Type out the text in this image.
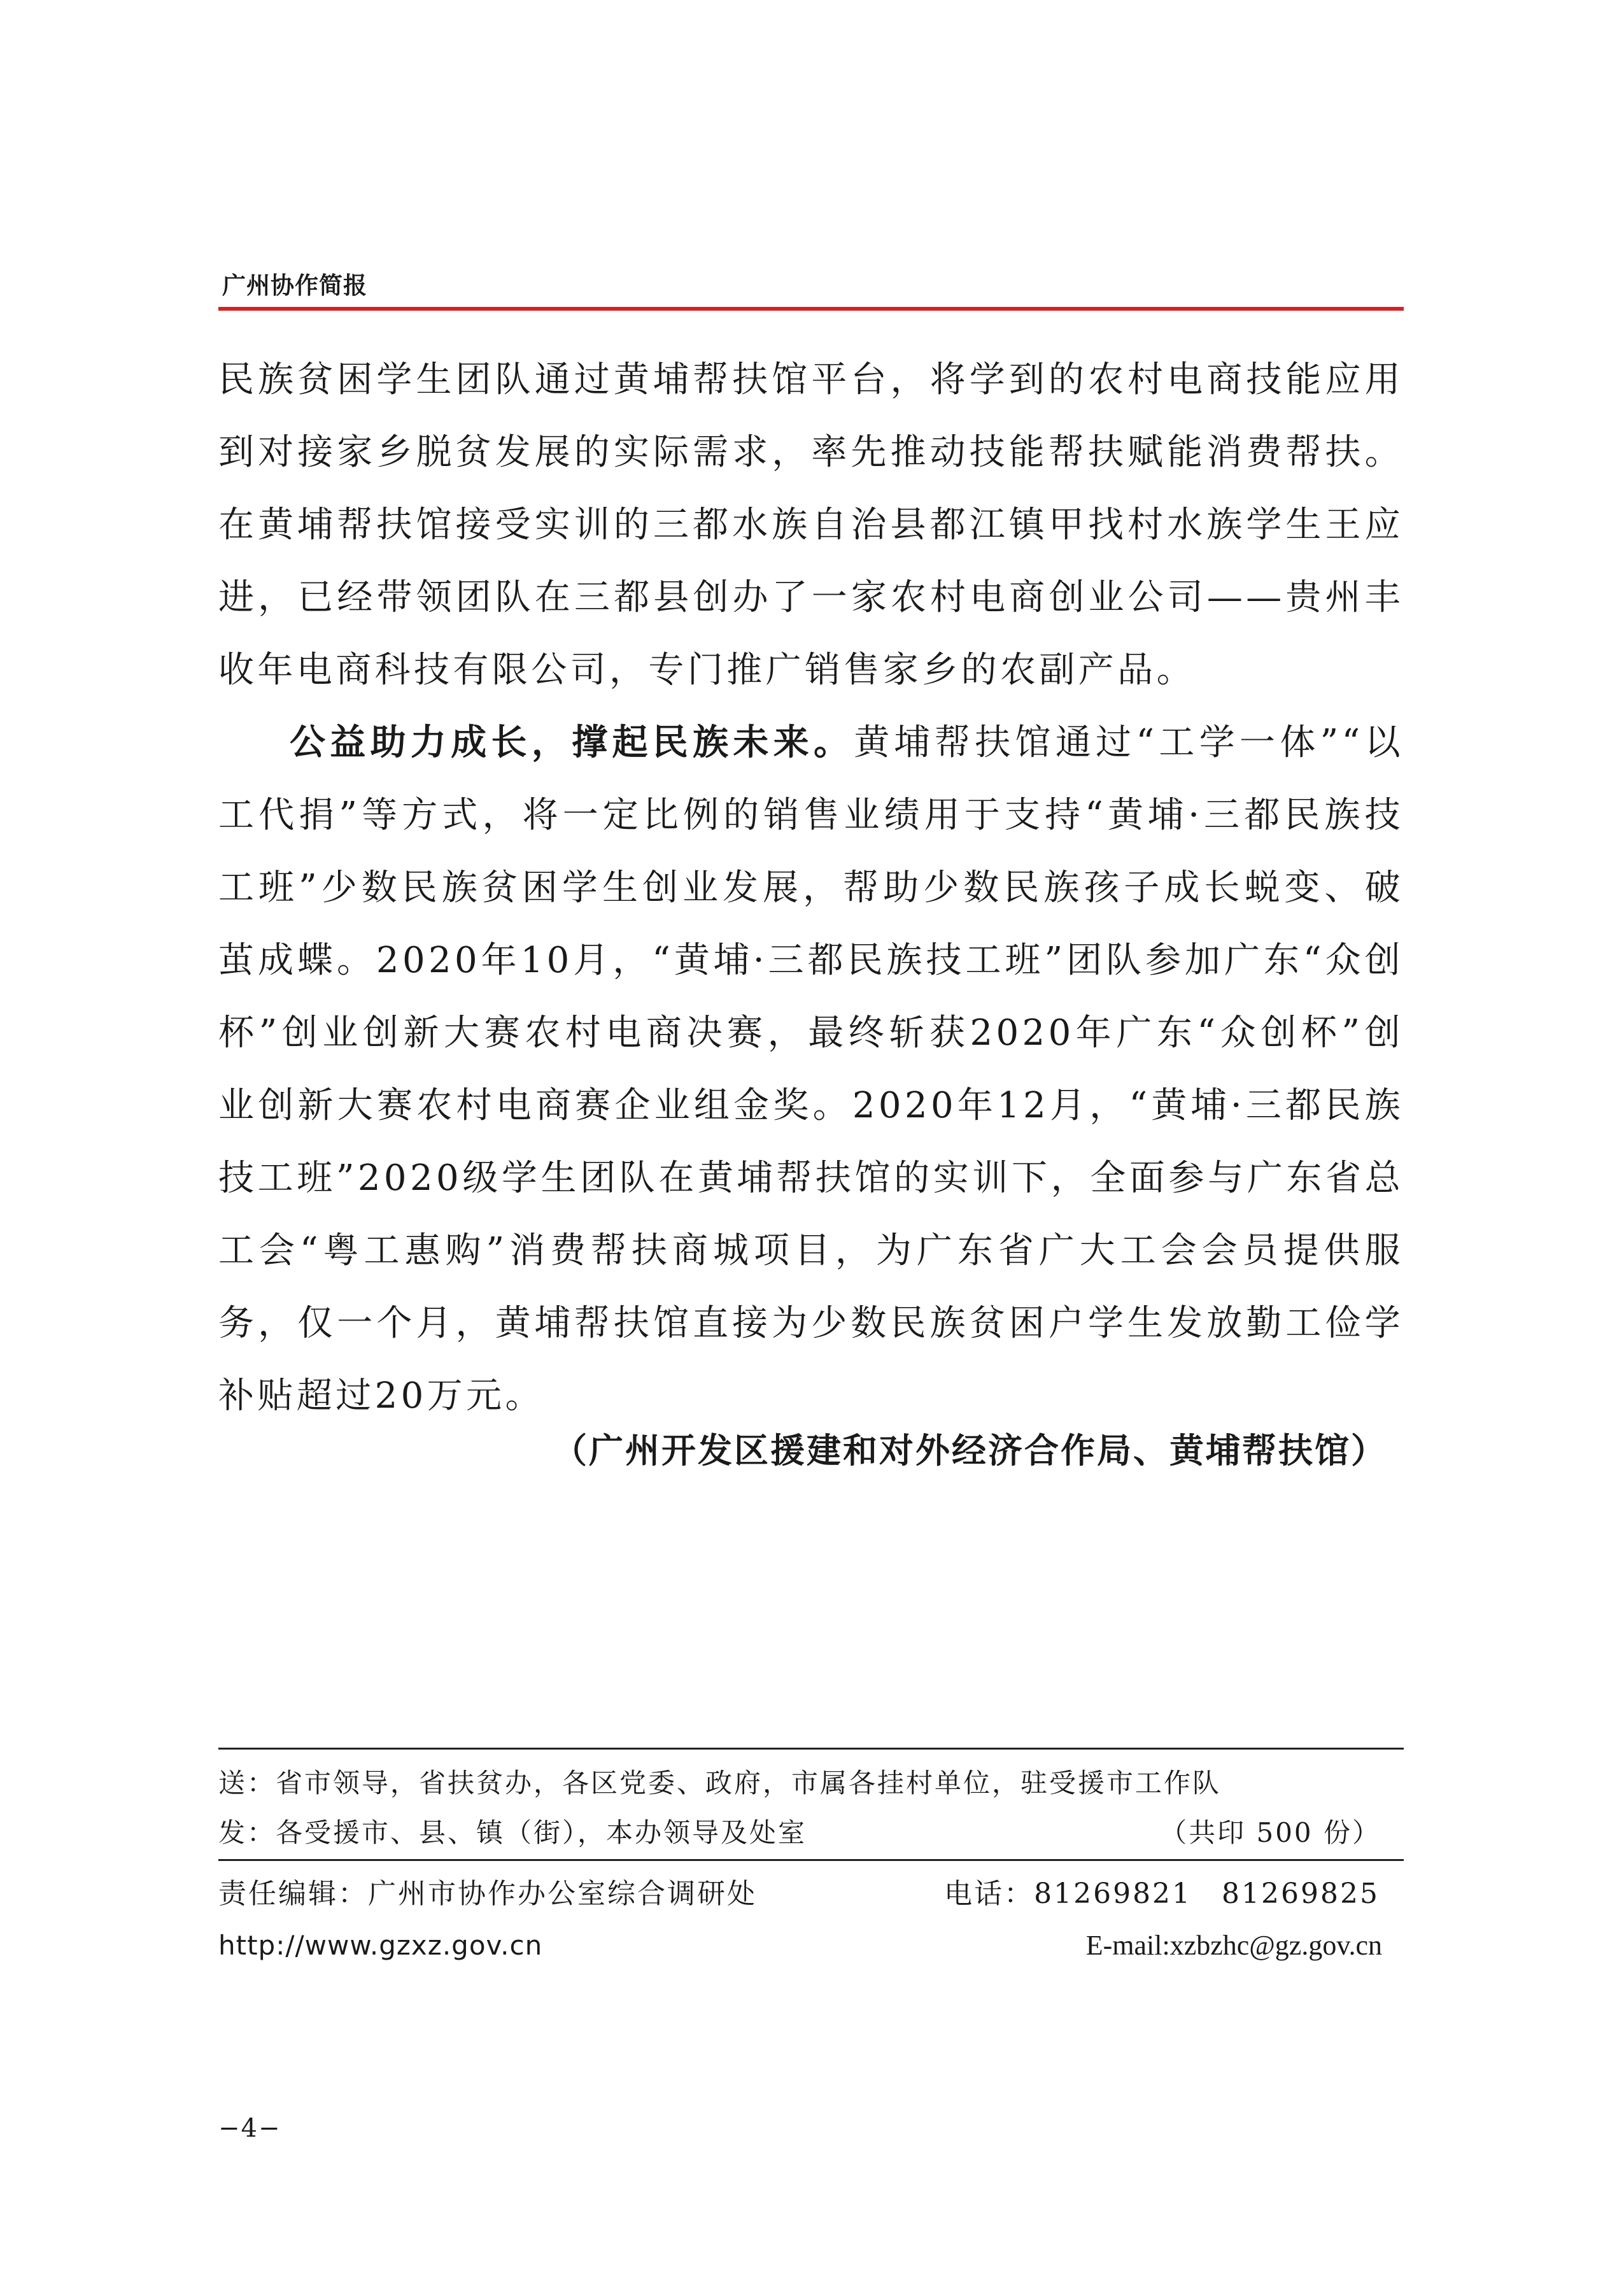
广州协作简报

民族贫困学生团队通过黄埔帮扶馆平台，将学到的农村电商技能应用到对接家乡脱贫发展的实际需求，率先推动技能帮扶赋能消费帮扶。在黄埔帮扶馆接受实训的三都水族自治县都江镇甲找村水族学生王应进，已经带领团队在三都县创办了一家农村电商创业公司——贵州丰收年电商科技有限公司，专门推广销售家乡的农副产品。

公益助力成长，撑起民族未来。黄埔帮扶馆通过“工学一体”“以工代捐”等方式，将一定比例的销售业绩用于支持“黄埔·三都民族技工班”少数民族贫困学生创业发展，帮助少数民族孩子成长蜕变、破茧成蝶。2020年10月，“黄埔·三都民族技工班”团队参加广东“众创杯”创业创新大赛农村电商决赛，最终斩获2020年广东“众创杯”创业创新大赛农村电商赛企业组金奖。2020年12月，“黄埔·三都民族技工班”2020级学生团队在黄埔帮扶馆的实训下，全面参与广东省总工会“粤工惠购”消费帮扶商城项目，为广东省广大工会会员提供服务，仅一个月，黄埔帮扶馆直接为少数民族贫困户学生发放勤工俭学补贴超过20万元。

（广州开发区援建和对外经济合作局、黄埔帮扶馆）

送：省市领导，省扶贫办，各区党委、政府，市属各挂村单位，驻受援市工作队
发：各受援市、县、镇（街），本办领导及处室	（共印 500 份）
责任编辑：广州市协作办公室综合调研处	电话：81269821　81269825
http://www.gzxz.gov.cn	E-mail:xzbzhc@gz.gov.cn

−4−
